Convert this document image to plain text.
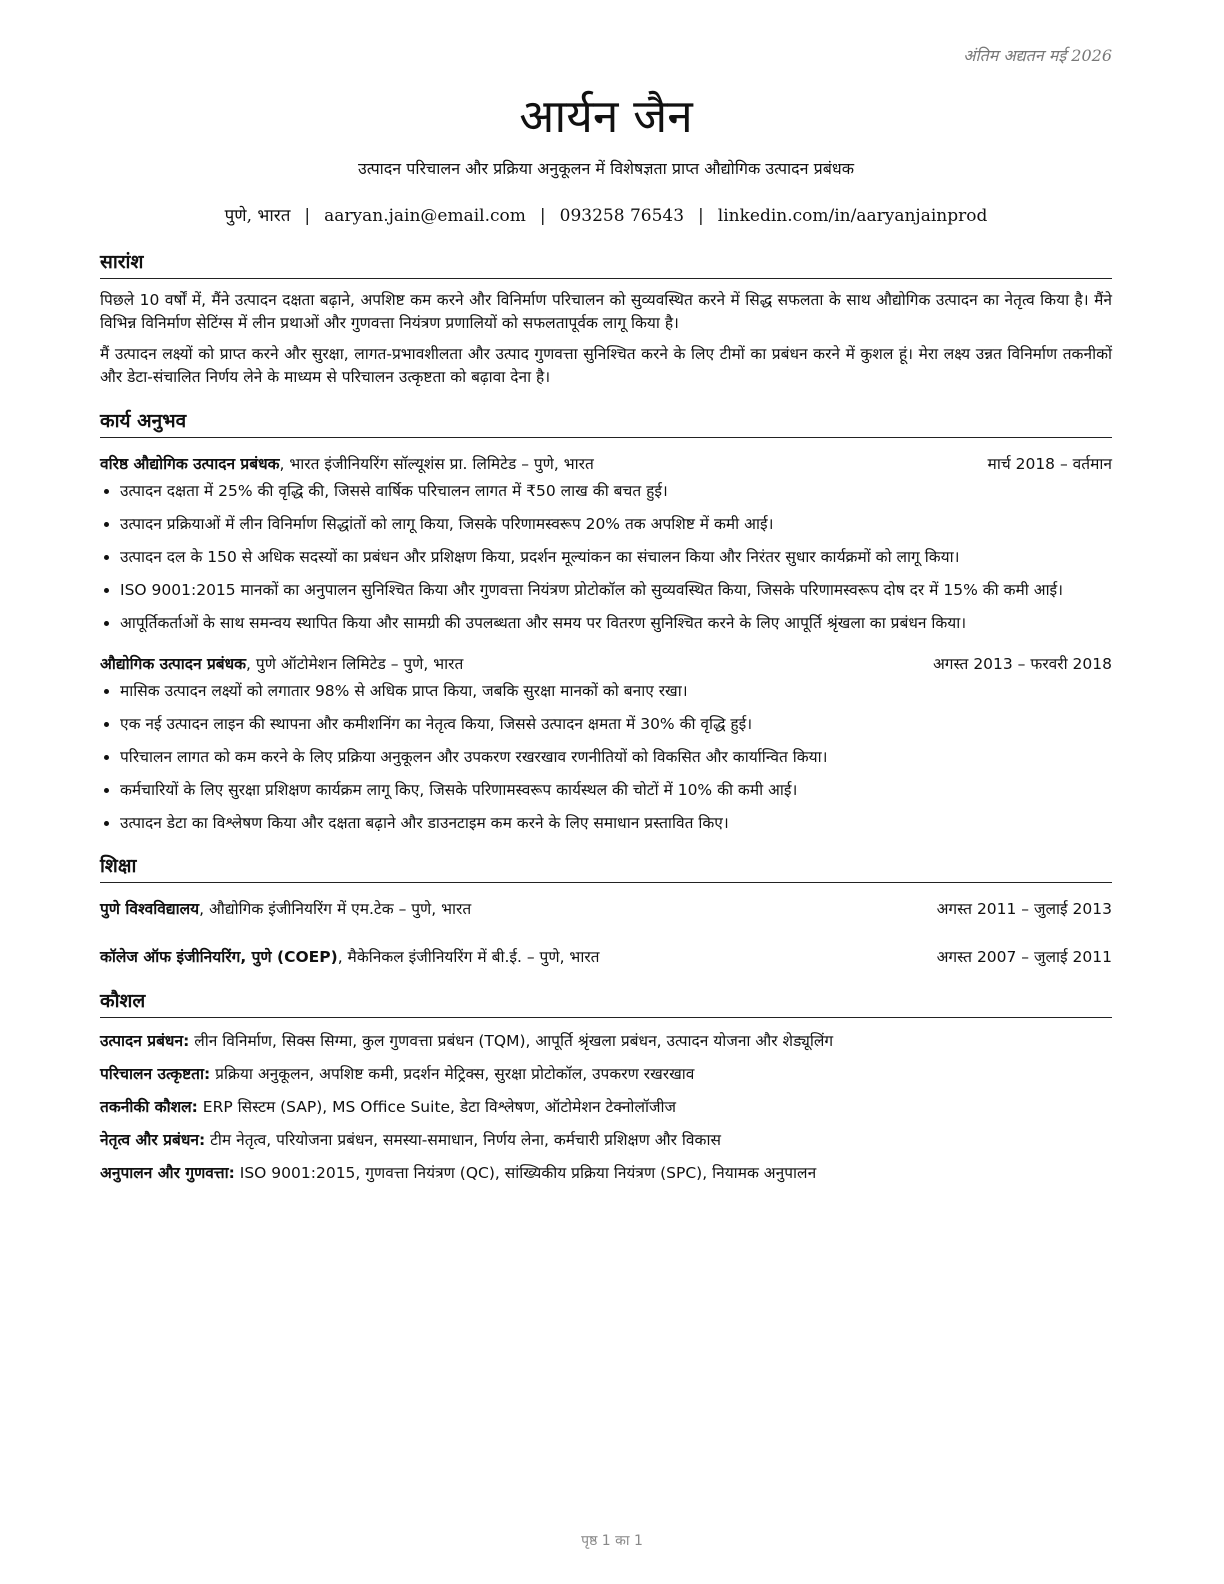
अंतिम अद्यतन मई 2026
आर्यन जैन
उत्पादन परिचालन और प्रक्रिया अनुकूलन में विशेषज्ञता प्राप्त औद्योगिक उत्पादन प्रबंधक
पुणे, भारत | aaryan.jain@email.com | 093258 76543 | linkedin.com/in/aaryanjainprod
सारांश

पिछले 10 वर्षों में, मैंने उत्पादन दक्षता बढ़ाने, अपशिष्ट कम करने और विनिर्माण परिचालन को सुव्यवस्थित करने में सिद्ध सफलता के साथ औद्योगिक उत्पादन का नेतृत्व किया है। मैंने विभिन्न विनिर्माण सेटिंग्स में लीन प्रथाओं और गुणवत्ता नियंत्रण प्रणालियों को सफलतापूर्वक लागू किया है।

मैं उत्पादन लक्ष्यों को प्राप्त करने और सुरक्षा, लागत-प्रभावशीलता और उत्पाद गुणवत्ता सुनिश्चित करने के लिए टीमों का प्रबंधन करने में कुशल हूं। मेरा लक्ष्य उन्नत विनिर्माण तकनीकों और डेटा-संचालित निर्णय लेने के माध्यम से परिचालन उत्कृष्टता को बढ़ावा देना है।

कार्य अनुभव
वरिष्ठ औद्योगिक उत्पादन प्रबंधक, भारत इंजीनियरिंग सॉल्यूशंस प्रा. लिमिटेड – पुणे, भारत	मार्च 2018 – वर्तमान
• उत्पादन दक्षता में 25% की वृद्धि की, जिससे वार्षिक परिचालन लागत में ₹50 लाख की बचत हुई।
• उत्पादन प्रक्रियाओं में लीन विनिर्माण सिद्धांतों को लागू किया, जिसके परिणामस्वरूप 20% तक अपशिष्ट में कमी आई।
• उत्पादन दल के 150 से अधिक सदस्यों का प्रबंधन और प्रशिक्षण किया, प्रदर्शन मूल्यांकन का संचालन किया और निरंतर सुधार कार्यक्रमों को लागू किया।
• ISO 9001:2015 मानकों का अनुपालन सुनिश्चित किया और गुणवत्ता नियंत्रण प्रोटोकॉल को सुव्यवस्थित किया, जिसके परिणामस्वरूप दोष दर में 15% की कमी आई।
• आपूर्तिकर्ताओं के साथ समन्वय स्थापित किया और सामग्री की उपलब्धता और समय पर वितरण सुनिश्चित करने के लिए आपूर्ति श्रृंखला का प्रबंधन किया।
औद्योगिक उत्पादन प्रबंधक, पुणे ऑटोमेशन लिमिटेड – पुणे, भारत	अगस्त 2013 – फरवरी 2018
• मासिक उत्पादन लक्ष्यों को लगातार 98% से अधिक प्राप्त किया, जबकि सुरक्षा मानकों को बनाए रखा।
• एक नई उत्पादन लाइन की स्थापना और कमीशनिंग का नेतृत्व किया, जिससे उत्पादन क्षमता में 30% की वृद्धि हुई।
• परिचालन लागत को कम करने के लिए प्रक्रिया अनुकूलन और उपकरण रखरखाव रणनीतियों को विकसित और कार्यान्वित किया।
• कर्मचारियों के लिए सुरक्षा प्रशिक्षण कार्यक्रम लागू किए, जिसके परिणामस्वरूप कार्यस्थल की चोटों में 10% की कमी आई।
• उत्पादन डेटा का विश्लेषण किया और दक्षता बढ़ाने और डाउनटाइम कम करने के लिए समाधान प्रस्तावित किए।
शिक्षा
पुणे विश्वविद्यालय, औद्योगिक इंजीनियरिंग में एम.टेक – पुणे, भारत	अगस्त 2011 – जुलाई 2013
कॉलेज ऑफ इंजीनियरिंग, पुणे (COEP), मैकेनिकल इंजीनियरिंग में बी.ई. – पुणे, भारत	अगस्त 2007 – जुलाई 2011
कौशल
उत्पादन प्रबंधन: लीन विनिर्माण, सिक्स सिग्मा, कुल गुणवत्ता प्रबंधन (TQM), आपूर्ति श्रृंखला प्रबंधन, उत्पादन योजना और शेड्यूलिंग
परिचालन उत्कृष्टता: प्रक्रिया अनुकूलन, अपशिष्ट कमी, प्रदर्शन मेट्रिक्स, सुरक्षा प्रोटोकॉल, उपकरण रखरखाव
तकनीकी कौशल: ERP सिस्टम (SAP), MS Office Suite, डेटा विश्लेषण, ऑटोमेशन टेक्नोलॉजीज
नेतृत्व और प्रबंधन: टीम नेतृत्व, परियोजना प्रबंधन, समस्या-समाधान, निर्णय लेना, कर्मचारी प्रशिक्षण और विकास
अनुपालन और गुणवत्ता: ISO 9001:2015, गुणवत्ता नियंत्रण (QC), सांख्यिकीय प्रक्रिया नियंत्रण (SPC), नियामक अनुपालन
पृष्ठ 1 का 1
